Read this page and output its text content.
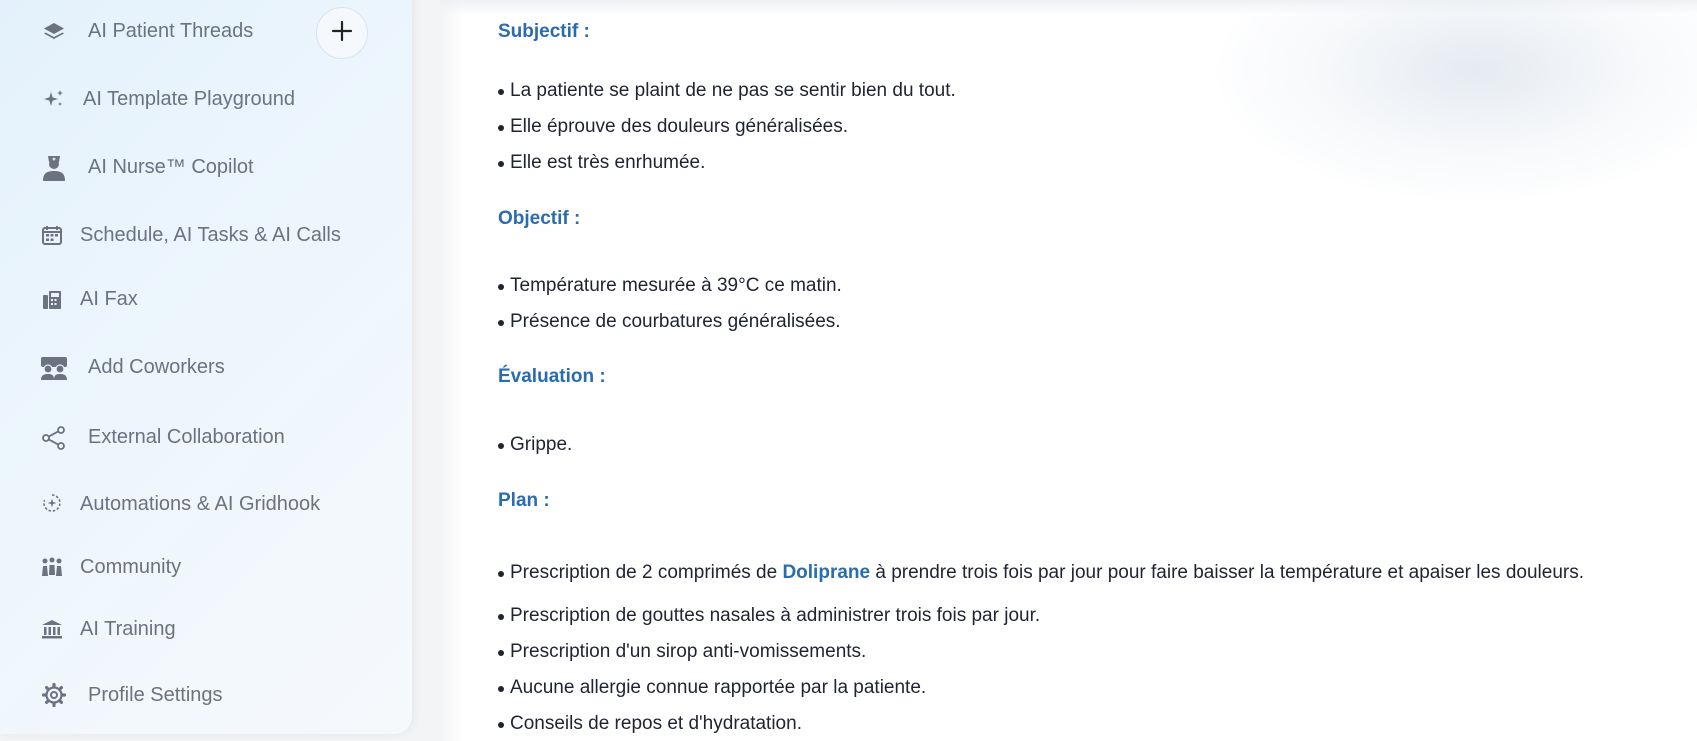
AI Patient Threads
AI Template Playground
AI Nurse™ Copilot
Schedule, AI Tasks & AI Calls
AI Fax
Add Coworkers
External Collaboration
Automations & AI Gridhook
Community
AI Training
Profile Settings
Subjectif :
La patiente se plaint de ne pas se sentir bien du tout.
Elle éprouve des douleurs généralisées.
Elle est très enrhumée.
Objectif :
Température mesurée à 39°C ce matin.
Présence de courbatures généralisées.
Évaluation :
Grippe.
Plan :
Prescription de 2 comprimés de Doliprane à prendre trois fois par jour pour faire baisser la température et apaiser les douleurs.
Prescription de gouttes nasales à administrer trois fois par jour.
Prescription d'un sirop anti-vomissements.
Aucune allergie connue rapportée par la patiente.
Conseils de repos et d'hydratation.
